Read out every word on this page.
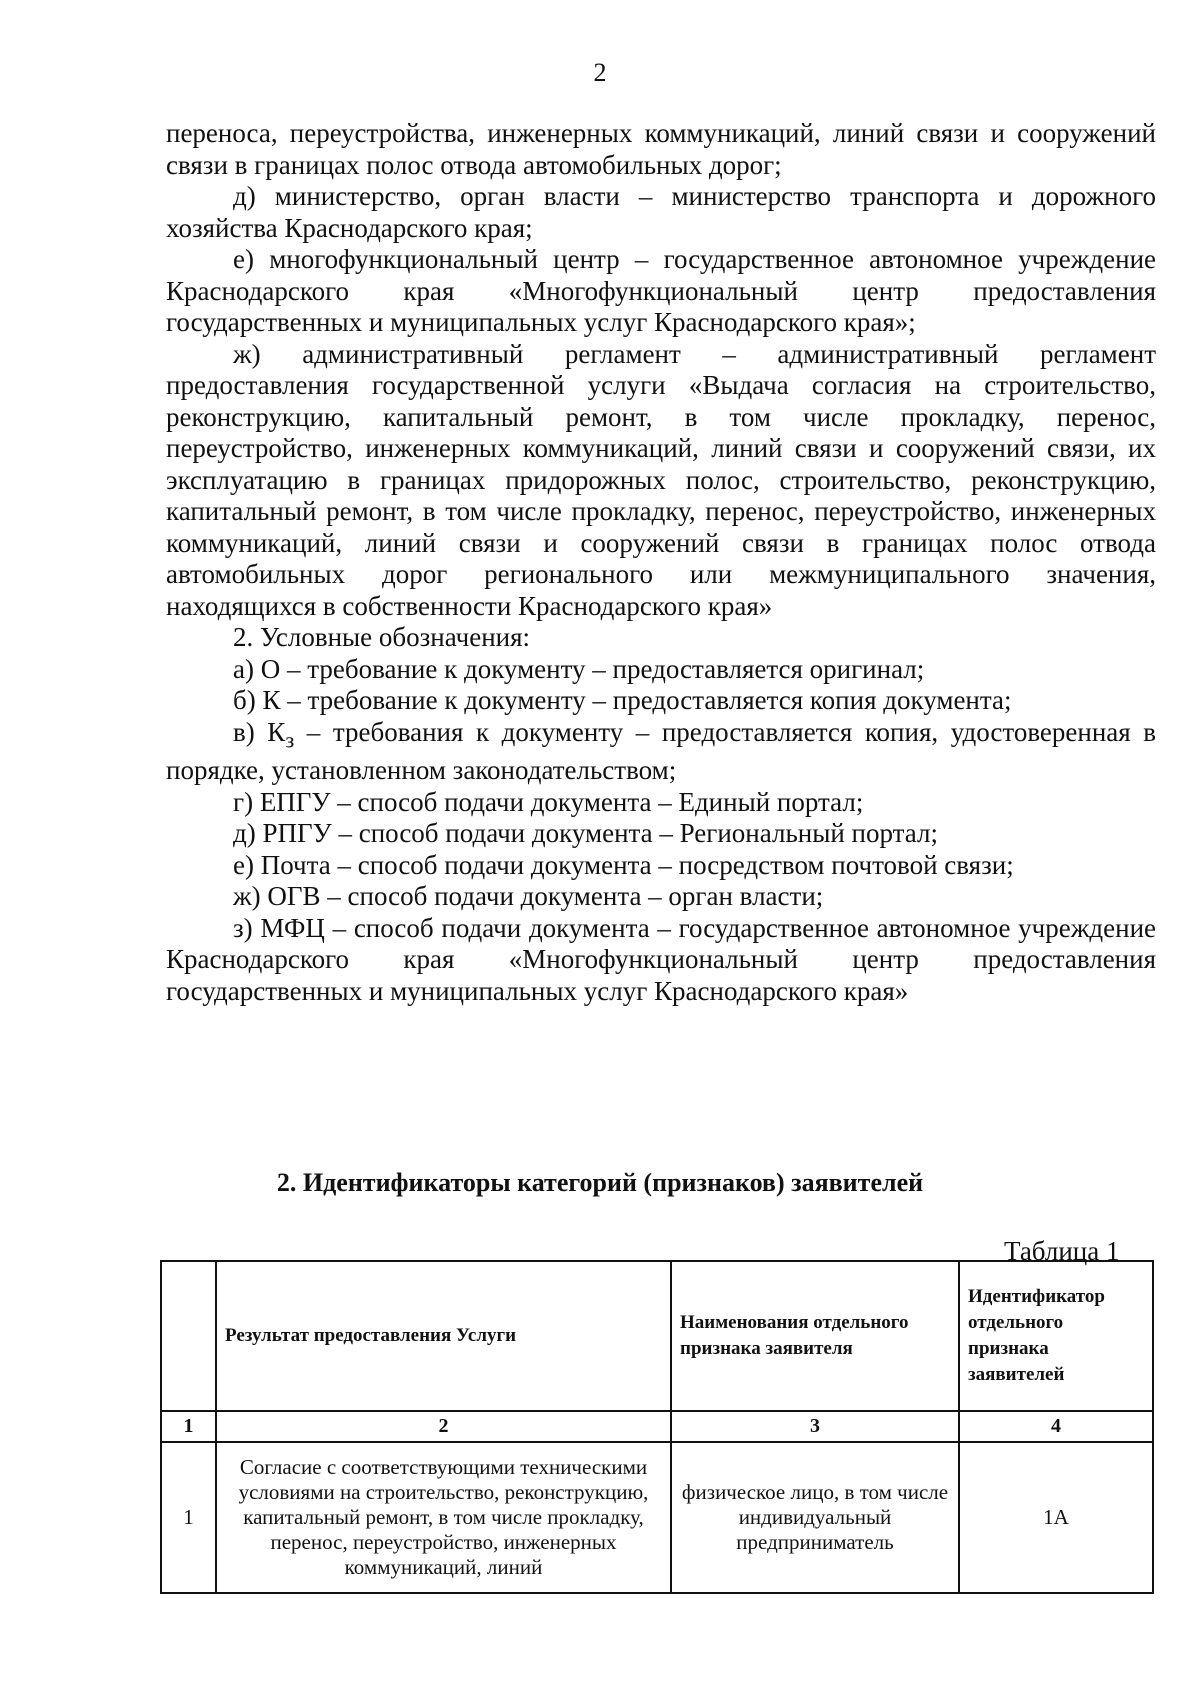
2

переноса, переустройства, инженерных коммуникаций, линий связи и сооружений связи в границах полос отвода автомобильных дорог;

д) министерство, орган власти – министерство транспорта и дорожного хозяйства Краснодарского края;

е) многофункциональный центр – государственное автономное учреждение Краснодарского края «Многофункциональный центр предоставления государственных и муниципальных услуг Краснодарского края»;

ж) административный регламент – административный регламент предоставления государственной услуги «Выдача согласия на строительство, реконструкцию, капитальный ремонт, в том числе прокладку, перенос, переустройство, инженерных коммуникаций, линий связи и сооружений связи, их эксплуатацию в границах придорожных полос, строительство, реконструкцию, капитальный ремонт, в том числе прокладку, перенос, переустройство, инженерных коммуникаций, линий связи и сооружений связи в границах полос отвода автомобильных дорог регионального или межмуниципального значения, находящихся в собственности Краснодарского края»

2. Условные обозначения:

а) О – требование к документу – предоставляется оригинал;

б) К – требование к документу – предоставляется копия документа;

в) $К_з$ – требования к документу – предоставляется копия, удостоверенная в порядке, установленном законодательством;

г) ЕПГУ – способ подачи документа – Единый портал;

д) РПГУ – способ подачи документа – Региональный портал;

е) Почта – способ подачи документа – посредством почтовой связи;

ж) ОГВ – способ подачи документа – орган власти;

з) МФЦ – способ подачи документа – государственное автономное учреждение Краснодарского края «Многофункциональный центр предоставления государственных и муниципальных услуг Краснодарского края»

2. Идентификаторы категорий (признаков) заявителей
Таблица 1
	Результат предоставления Услуги	Наименования отдельного признака заявителя	Идентификатор отдельного признака заявителей
1	2	3	4
1	Согласие с соответствующими техническими условиями на строительство, реконструкцию, капитальный ремонт, в том числе прокладку, перенос, переустройство, инженерных коммуникаций, линий	физическое лицо, в том числе индивидуальный предприниматель	1А
